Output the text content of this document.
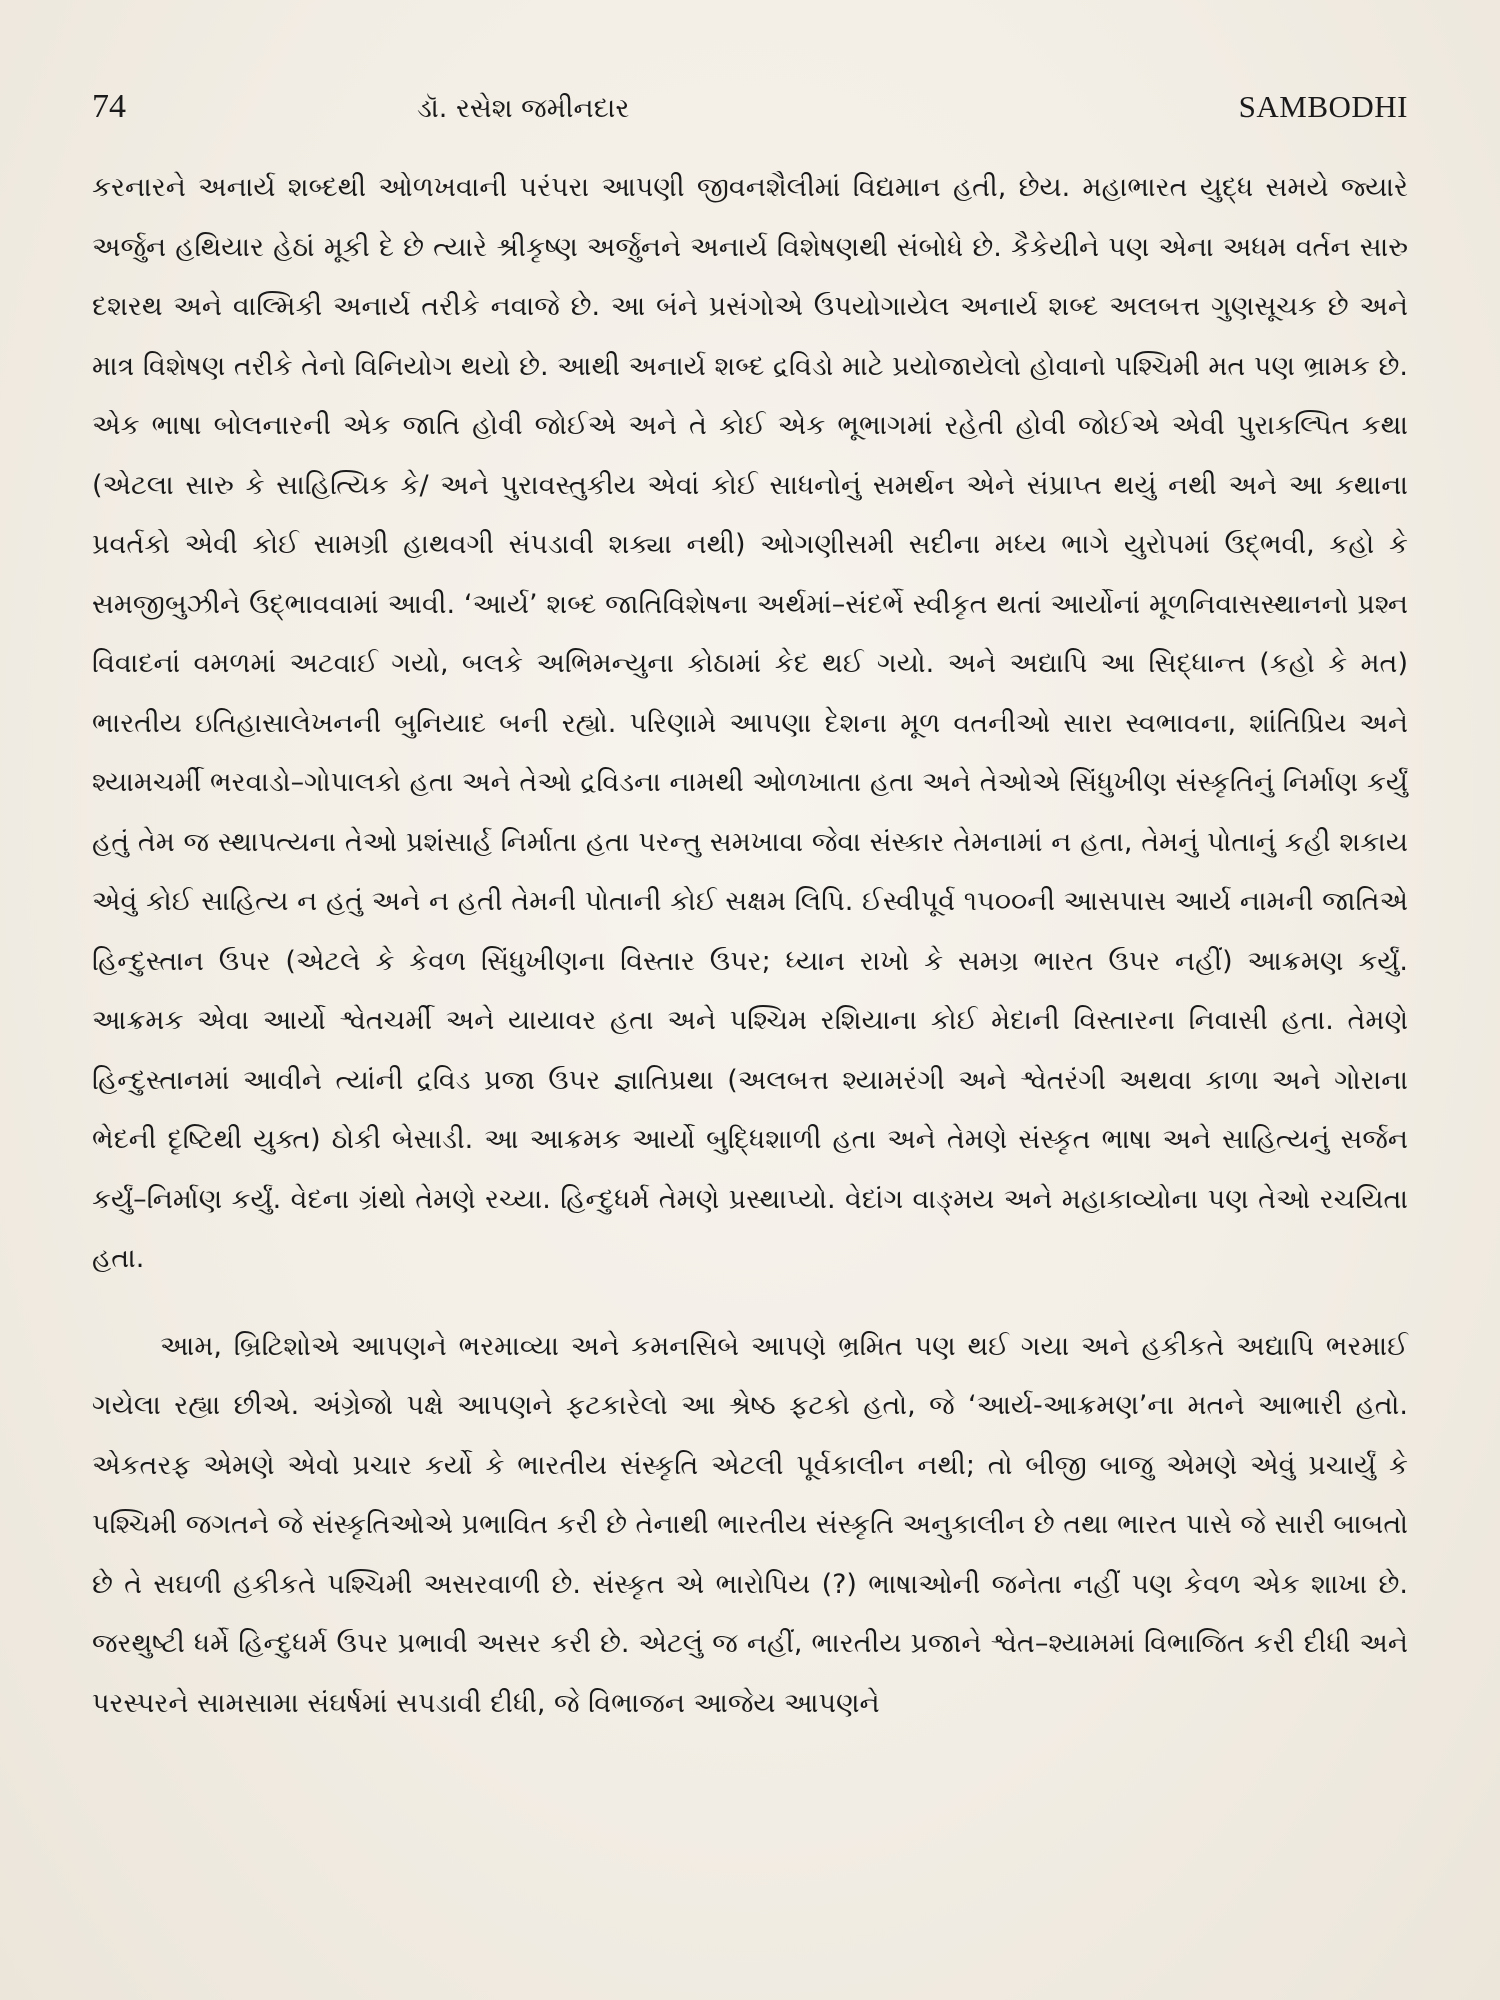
74	ડૉ. રસેશ જમીનદાર	SAMBODHI

કરનારને અનાર્ય શબ્દથી ઓળખવાની પરંપરા આપણી જીવનશૈલીમાં વિદ્યમાન હતી, છેય. મહાભારત યુદ્ધ સમયે જ્યારે અર્જુન હથિયાર હેઠાં મૂકી દે છે ત્યારે શ્રીકૃષ્ણ અર્જુનને અનાર્ય વિશેષણથી સંબોધે છે. કૈકેયીને પણ એના અધમ વર્તન સારુ દશરથ અને વાલ્મિકી અનાર્ય તરીકે નવાજે છે. આ બંને પ્રસંગોએ ઉપયોગાયેલ અનાર્ય શબ્દ અલબત્ત ગુણસૂચક છે અને માત્ર વિશેષણ તરીકે તેનો વિનિયોગ થયો છે. આથી અનાર્ય શબ્દ દ્રવિડો માટે પ્રયોજાયેલો હોવાનો પશ્ચિમી મત પણ ભ્રામક છે. એક ભાષા બોલનારની એક જાતિ હોવી જોઈએ અને તે કોઈ એક ભૂભાગમાં રહેતી હોવી જોઈએ એવી પુરાકલ્પિત કથા (એટલા સારુ કે સાહિત્યિક કે/ અને પુરાવસ્તુકીય એવાં કોઈ સાધનોનું સમર્થન એને સંપ્રાપ્ત થયું નથી અને આ કથાના પ્રવર્તકો એવી કોઈ સામગ્રી હાથવગી સંપડાવી શક્યા નથી) ઓગણીસમી સદીના મધ્ય ભાગે યુરોપમાં ઉદ્ભવી, કહો કે સમજીબુઝીને ઉદ્ભાવવામાં આવી. ‘આર્ય’ શબ્દ જાતિવિશેષના અર્થમાં–સંદર્ભે સ્વીકૃત થતાં આર્યોનાં મૂળનિવાસસ્થાનનો પ્રશ્ન વિવાદનાં વમળમાં અટવાઈ ગયો, બલકે અભિમન્યુના કોઠામાં કેદ થઈ ગયો. અને અદ્યાપિ આ સિદ્ધાન્ત (કહો કે મત) ભારતીય ઇતિહાસાલેખનની બુનિયાદ બની રહ્યો. પરિણામે આપણા દેશના મૂળ વતનીઓ સારા સ્વભાવના, શાંતિપ્રિય અને શ્યામચર્મી ભરવાડો–ગોપાલકો હતા અને તેઓ દ્રવિડના નામથી ઓળખાતા હતા અને તેઓએ સિંધુખીણ સંસ્કૃતિનું નિર્માણ કર્યું હતું તેમ જ સ્થાપત્યના તેઓ પ્રશંસાર્હ નિર્માતા હતા પરન્તુ સમખાવા જેવા સંસ્કાર તેમનામાં ન હતા, તેમનું પોતાનું કહી શકાય એવું કોઈ સાહિત્ય ન હતું અને ન હતી તેમની પોતાની કોઈ સક્ષમ લિપિ. ઈસ્વીપૂર્વ ૧૫૦૦ની આસપાસ આર્ય નામની જાતિએ હિન્દુસ્તાન ઉપર (એટલે કે કેવળ સિંધુખીણના વિસ્તાર ઉપર; ધ્યાન રાખો કે સમગ્ર ભારત ઉપર નહીં) આક્રમણ કર્યું. આક્રમક એવા આર્યો શ્વેતચર્મી અને યાયાવર હતા અને પશ્ચિમ રશિયાના કોઈ મેદાની વિસ્તારના નિવાસી હતા. તેમણે હિન્દુસ્તાનમાં આવીને ત્યાંની દ્રવિડ પ્રજા ઉપર જ્ઞાતિપ્રથા (અલબત્ત શ્યામરંગી અને શ્વેતરંગી અથવા કાળા અને ગોરાના ભેદની દૃષ્ટિથી યુક્ત) ઠોકી બેસાડી. આ આક્રમક આર્યો બુદ્ધિશાળી હતા અને તેમણે સંસ્કૃત ભાષા અને સાહિત્યનું સર્જન કર્યું–નિર્માણ કર્યું. વેદના ગ્રંથો તેમણે રચ્યા. હિન્દુધર્મ તેમણે પ્રસ્થાપ્યો. વેદાંગ વાઙ્મય અને મહાકાવ્યોના પણ તેઓ રચયિતા હતા.

આમ, બ્રિટિશોએ આપણને ભરમાવ્યા અને કમનસિબે આપણે ભ્રમિત પણ થઈ ગયા અને હકીકતે અદ્યાપિ ભરમાઈ ગયેલા રહ્યા છીએ. અંગ્રેજો પક્ષે આપણને ફટકારેલો આ શ્રેષ્ઠ ફટકો હતો, જે ‘આર્ય-આક્રમણ’ના મતને આભારી હતો. એકતરફ એમણે એવો પ્રચાર કર્યો કે ભારતીય સંસ્કૃતિ એટલી પૂર્વકાલીન નથી; તો બીજી બાજુ એમણે એવું પ્રચાર્યું કે પશ્ચિમી જગતને જે સંસ્કૃતિઓએ પ્રભાવિત કરી છે તેનાથી ભારતીય સંસ્કૃતિ અનુકાલીન છે તથા ભારત પાસે જે સારી બાબતો છે તે સઘળી હકીકતે પશ્ચિમી અસરવાળી છે. સંસ્કૃત એ ભારોપિય (?) ભાષાઓની જનેતા નહીં પણ કેવળ એક શાખા છે. જરથુષ્ટી ધર્મે હિન્દુધર્મ ઉપર પ્રભાવી અસર કરી છે. એટલું જ નહીં, ભારતીય પ્રજાને શ્વેત–શ્યામમાં વિભાજિત કરી દીધી અને પરસ્પરને સામસામા સંઘર્ષમાં સપડાવી દીધી, જે વિભાજન આજેય આપણને
